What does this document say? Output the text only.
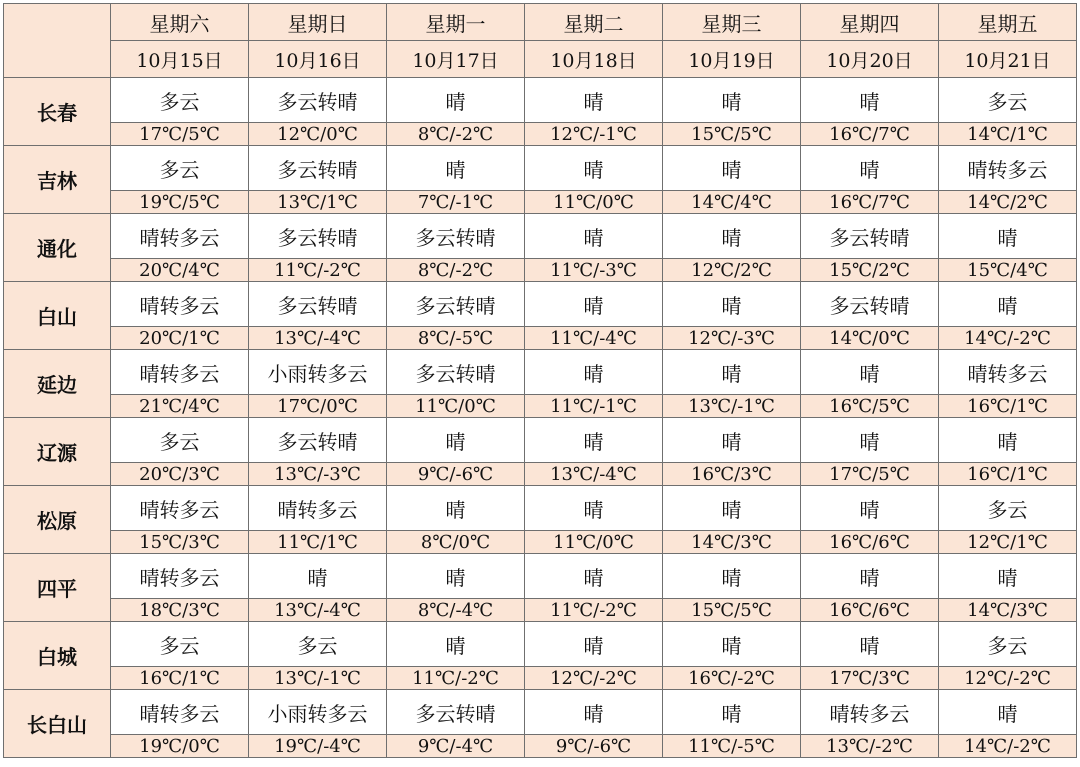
	星期六	星期日	星期一	星期二	星期三	星期四	星期五
	10月15日	10月16日	10月17日	10月18日	10月19日	10月20日	10月21日
长春	多云	多云转晴	晴	晴	晴	晴	多云
	17℃/5℃	12℃/0℃	8℃/-2℃	12℃/-1℃	15℃/5℃	16℃/7℃	14℃/1℃
吉林	多云	多云转晴	晴	晴	晴	晴	晴转多云
	19℃/5℃	13℃/1℃	7℃/-1℃	11℃/0℃	14℃/4℃	16℃/7℃	14℃/2℃
通化	晴转多云	多云转晴	多云转晴	晴	晴	多云转晴	晴
	20℃/4℃	11℃/-2℃	8℃/-2℃	11℃/-3℃	12℃/2℃	15℃/2℃	15℃/4℃
白山	晴转多云	多云转晴	多云转晴	晴	晴	多云转晴	晴
	20℃/1℃	13℃/-4℃	8℃/-5℃	11℃/-4℃	12℃/-3℃	14℃/0℃	14℃/-2℃
延边	晴转多云	小雨转多云	多云转晴	晴	晴	晴	晴转多云
	21℃/4℃	17℃/0℃	11℃/0℃	11℃/-1℃	13℃/-1℃	16℃/5℃	16℃/1℃
辽源	多云	多云转晴	晴	晴	晴	晴	晴
	20℃/3℃	13℃/-3℃	9℃/-6℃	13℃/-4℃	16℃/3℃	17℃/5℃	16℃/1℃
松原	晴转多云	晴转多云	晴	晴	晴	晴	多云
	15℃/3℃	11℃/1℃	8℃/0℃	11℃/0℃	14℃/3℃	16℃/6℃	12℃/1℃
四平	晴转多云	晴	晴	晴	晴	晴	晴
	18℃/3℃	13℃/-4℃	8℃/-4℃	11℃/-2℃	15℃/5℃	16℃/6℃	14℃/3℃
白城	多云	多云	晴	晴	晴	晴	多云
	16℃/1℃	13℃/-1℃	11℃/-2℃	12℃/-2℃	16℃/-2℃	17℃/3℃	12℃/-2℃
长白山	晴转多云	小雨转多云	多云转晴	晴	晴	晴转多云	晴
	19℃/0℃	19℃/-4℃	9℃/-4℃	9℃/-6℃	11℃/-5℃	13℃/-2℃	14℃/-2℃
